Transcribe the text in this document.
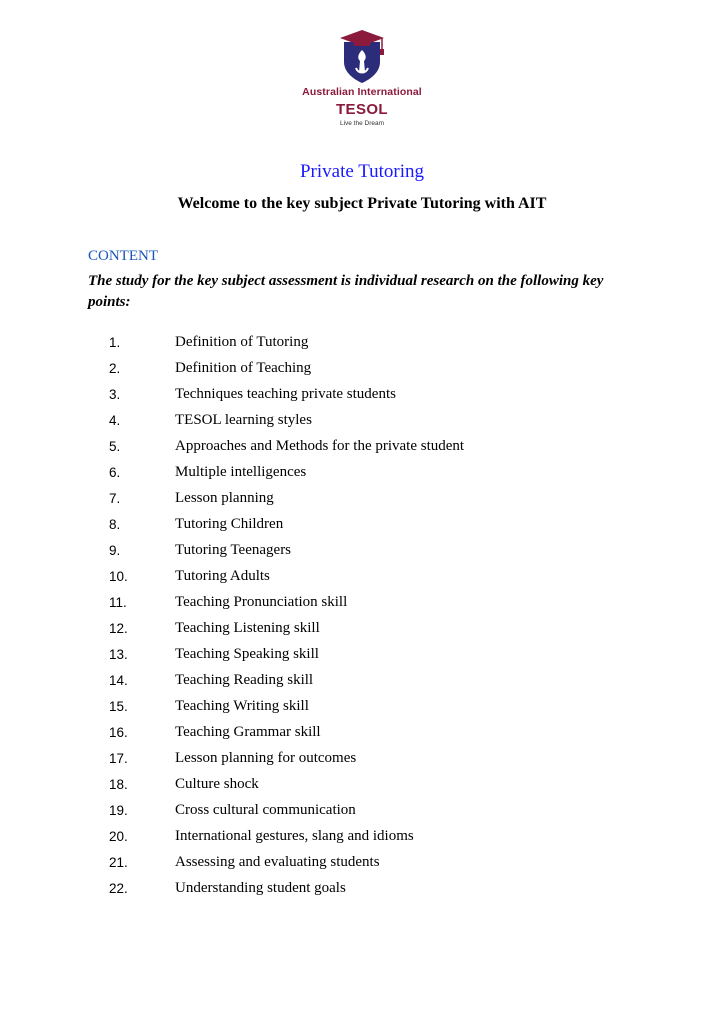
Australian International
TESOL
Live the Dream
Private Tutoring
Welcome to the key subject Private Tutoring with AIT
CONTENT

The study for the key subject assessment is individual research on the following key points:

1.	Definition of Tutoring
2.	Definition of Teaching
3.	Techniques teaching private students
4.	TESOL learning styles
5.	Approaches and Methods for the private student
6.	Multiple intelligences
7.	Lesson planning
8.	Tutoring Children
9.	Tutoring Teenagers
10.	Tutoring Adults
11.	Teaching Pronunciation skill
12.	Teaching Listening skill
13.	Teaching Speaking skill
14.	Teaching Reading skill
15.	Teaching Writing skill
16.	Teaching Grammar skill
17.	Lesson planning for outcomes
18.	Culture shock
19.	Cross cultural communication
20.	International gestures, slang and idioms
21.	Assessing and evaluating students
22.	Understanding student goals
